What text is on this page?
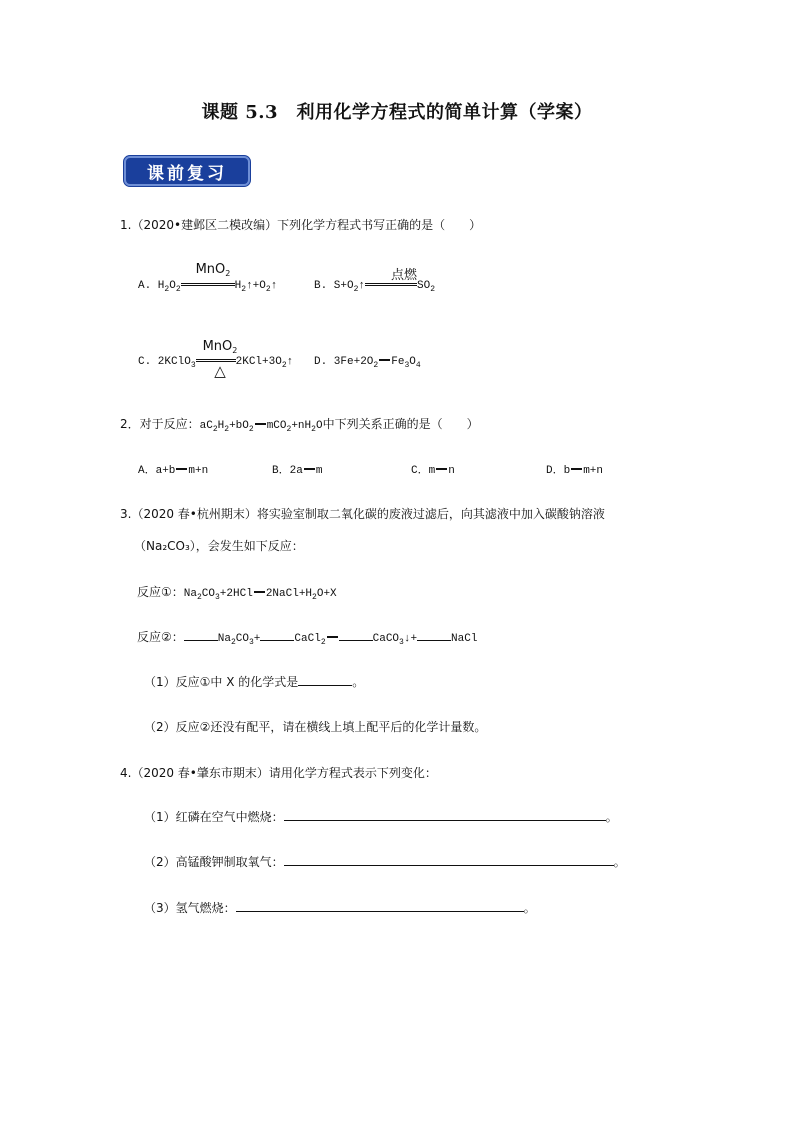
课题 5.3　利用化学方程式的简单计算（学案）
课前复习
1.（2020•建邺区二模改编）下列化学方程式书写正确的是（　　）
A. $H_2O_2$	$H_2↑+O_2↑$
MnO$_2$
B. $S+O_2↑$	$SO_2$
点燃
C. 2KClO$_3$	$2KCl+3O_2↑$
MnO$_2$
△	D. $3Fe+2O_2$ $Fe_3O_4$
2．对于反应：$aC_2H_2+bO_2$ $mCO_2+nH_2O$中下列关系正确的是（　　）
A．a+b m+n	B．2a m	C．m n	D．b m+n
3.（2020 春•杭州期末）将实验室制取二氧化碳的废液过滤后，向其滤液中加入碳酸钠溶液
（Na₂CO₃），会发生如下反应：
反应①：$Na_2CO_3+2HCl$ $2NaCl+H_2O+X$
反应②：	$Na_2CO_3+$	CaCl$_2$	CaCO$_3$↓+	NaCl
（1）反应①中 X 的化学式是	。
（2）反应②还没有配平，请在横线上填上配平后的化学计量数。
4.（2020 春•肇东市期末）请用化学方程式表示下列变化：
（1）红磷在空气中燃烧：	。
（2）高锰酸钾制取氧气：	。
（3）氢气燃烧：	。
